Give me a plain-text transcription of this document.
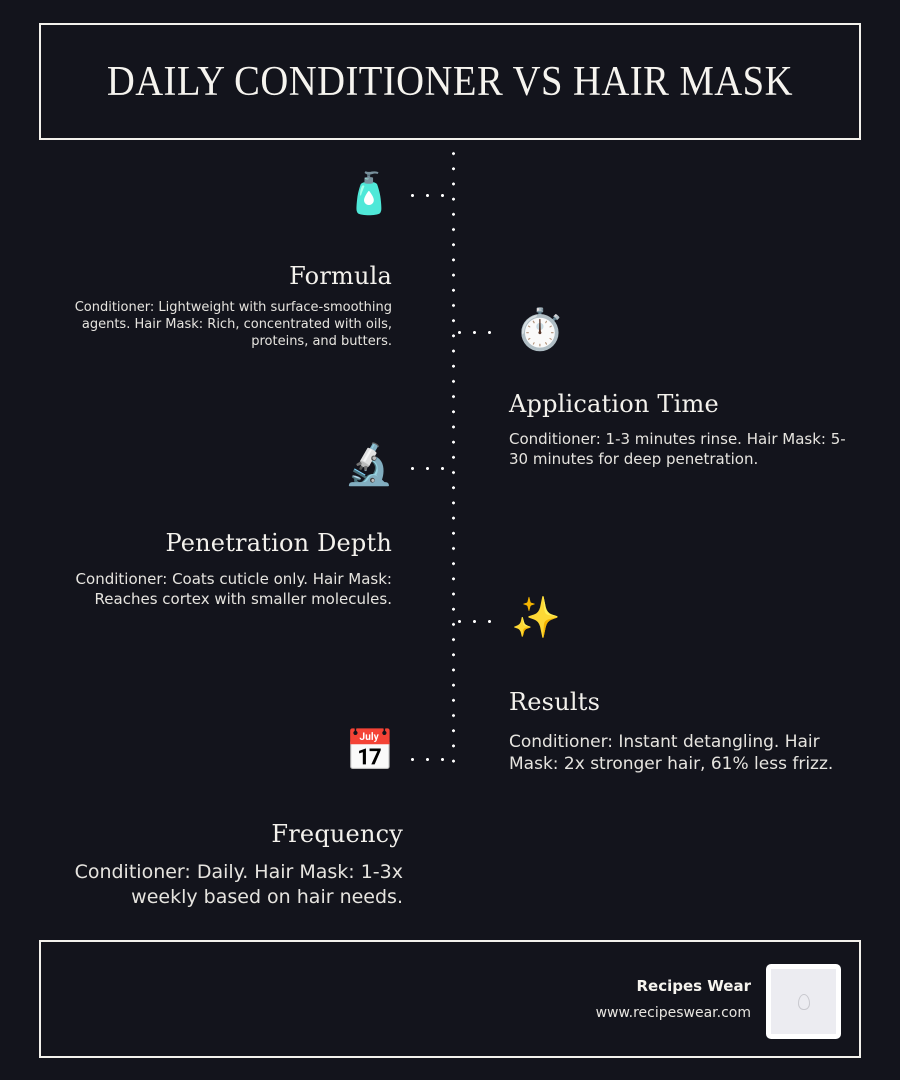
DAILY CONDITIONER VS HAIR MASK
🧴
Formula
Conditioner: Lightweight with surface-smoothing agents. Hair Mask: Rich, concentrated with oils, proteins, and butters.	⏱️
Application Time
Conditioner: 1-3 minutes rinse. Hair Mask: 5-30 minutes for deep penetration.
🔬
Penetration Depth
Conditioner: Coats cuticle only. Hair Mask: Reaches cortex with smaller molecules.	✨
Results
Conditioner: Instant detangling. Hair Mask: 2x stronger hair, 61% less frizz.
📅
Frequency
Conditioner: Daily. Hair Mask: 1-3x weekly based on hair needs.
Recipes Wear
www.recipeswear.com
